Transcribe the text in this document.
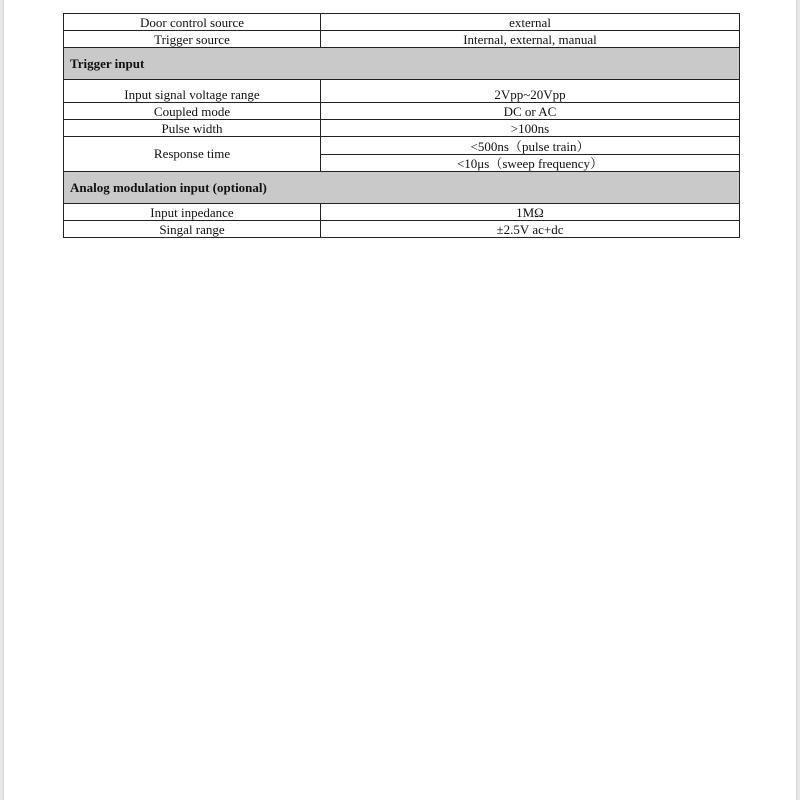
Door control source	external
Trigger source	Internal, external, manual
Trigger input	
Input signal voltage range	2Vpp~20Vpp
Coupled mode	DC or AC
Pulse width	>100ns
Response time	<500ns（pulse train）
	<10μs（sweep frequency）
Analog modulation input (optional)	
Input inpedance	1MΩ
Singal range	±2.5V ac+dc
